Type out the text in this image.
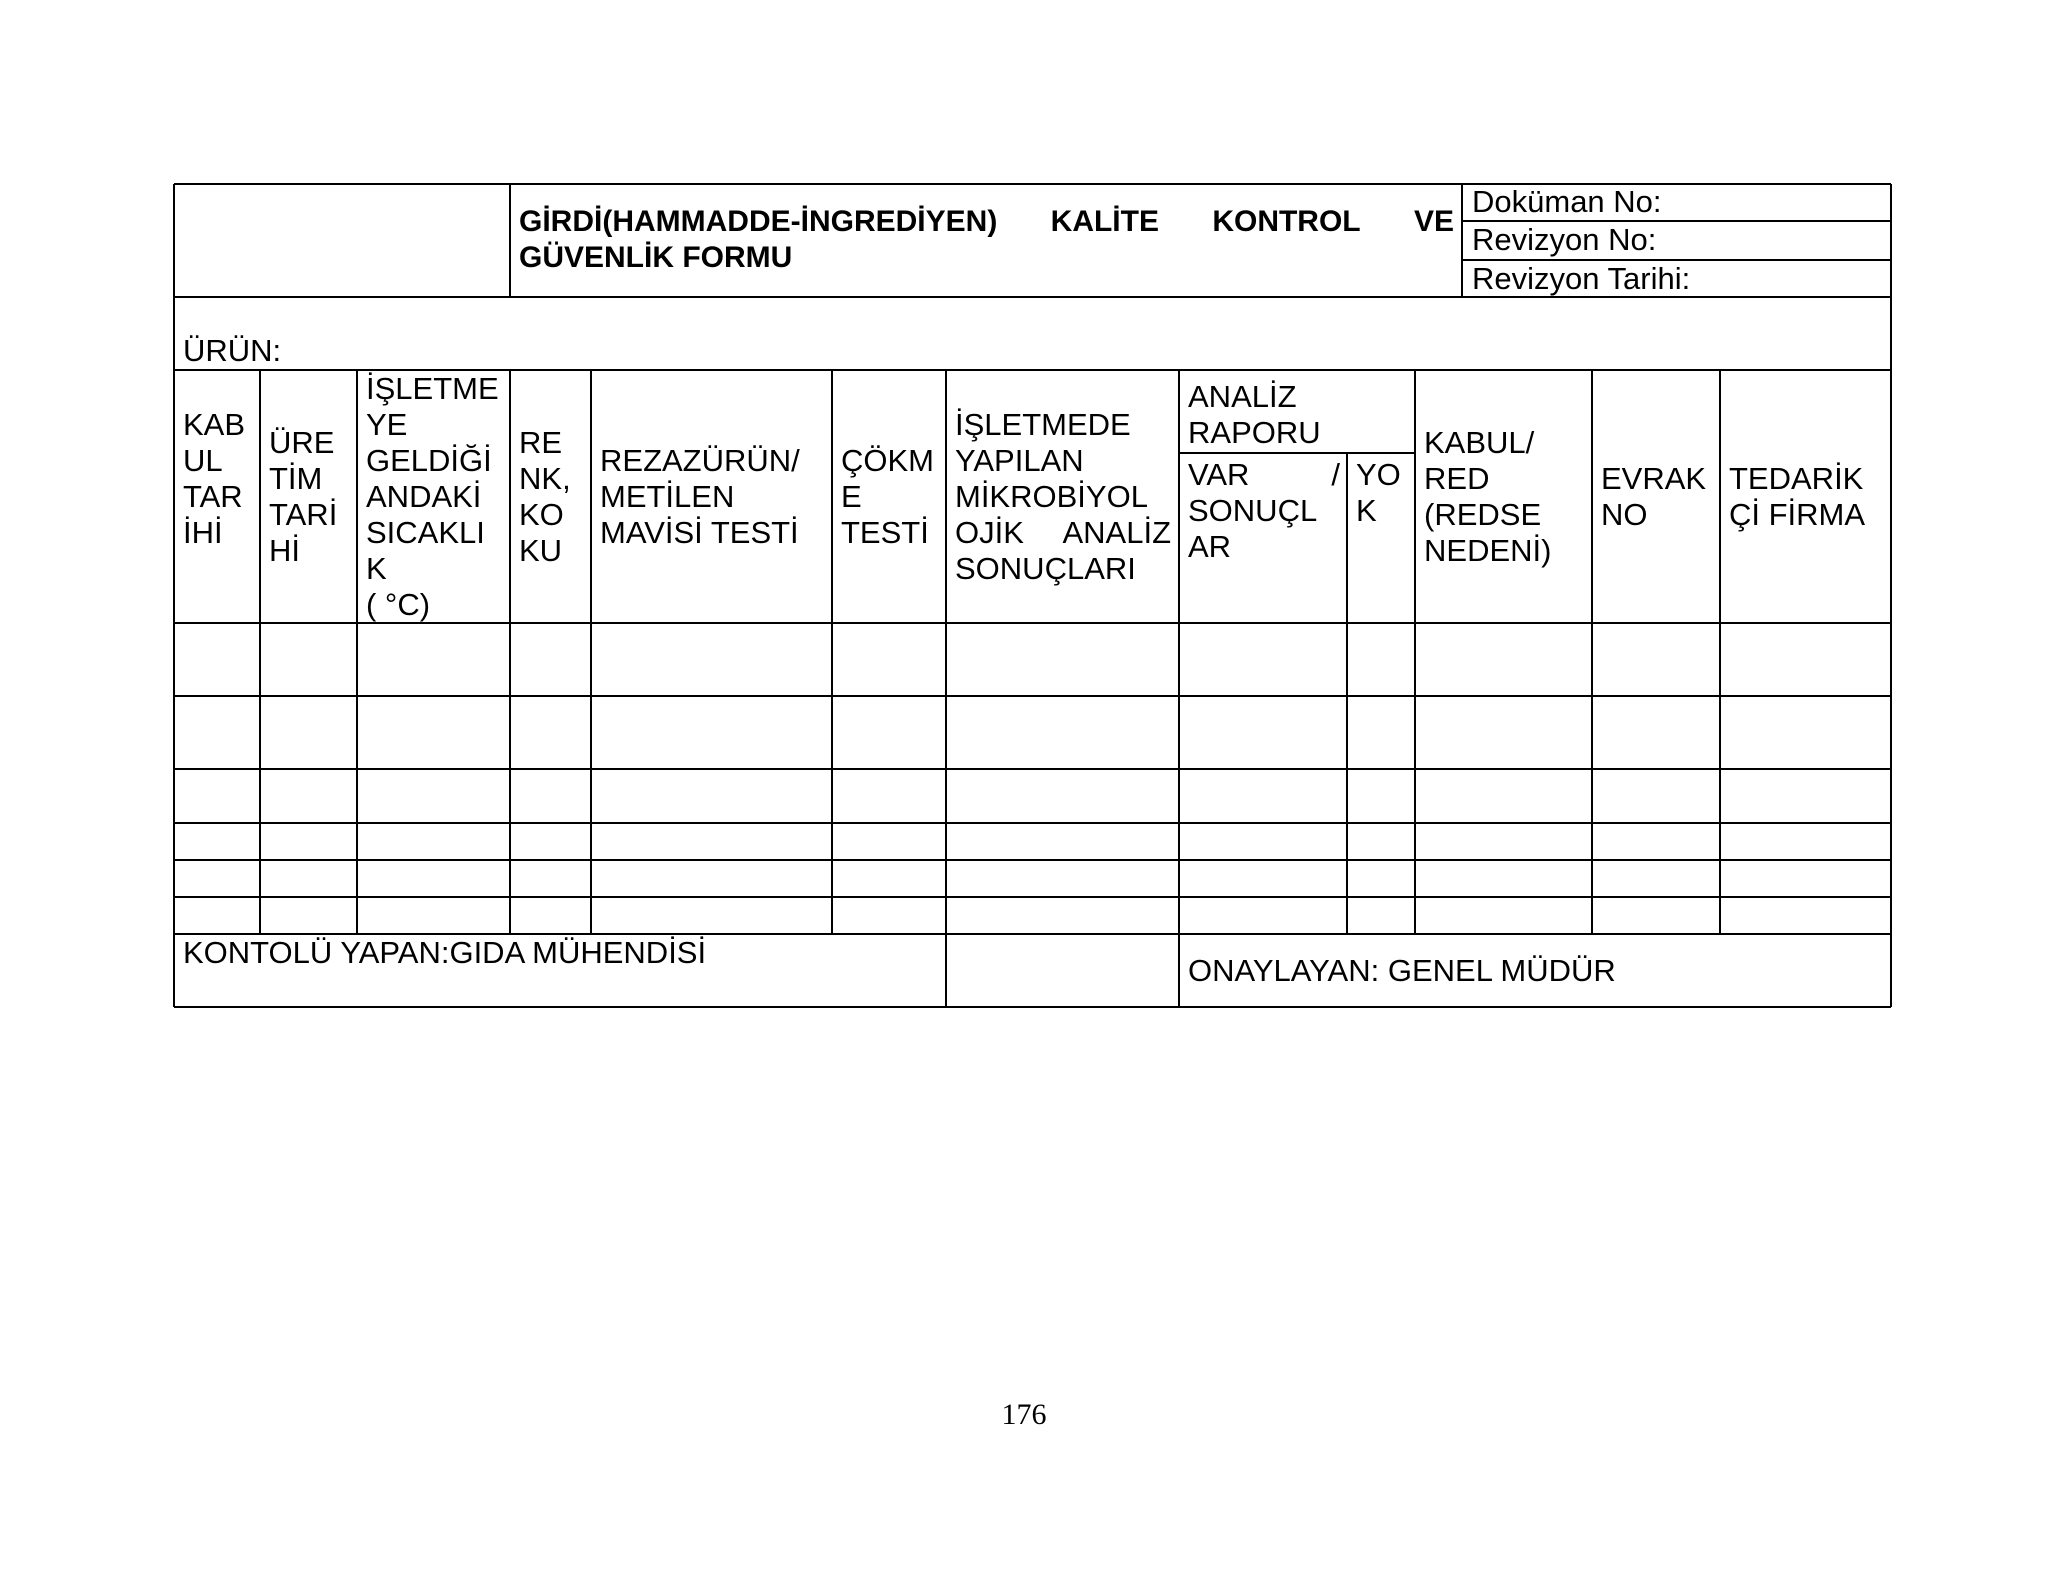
GİRDİ(HAMMADDE-İNGREDİYEN) KALİTE KONTROL VE
GÜVENLİK FORMU
Doküman No:
Revizyon No:
Revizyon Tarihi:
ÜRÜN:
KAB
UL
TAR
İHİ
ÜRE
TİM
TARİ
Hİ
İŞLETME
YE
GELDİĞİ
ANDAKİ
SICAKLI
K
( °C)
RE
NK,
KO
KU
REZAZÜRÜN/
METİLEN
MAVİSİ TESTİ
ÇÖKM
E
TESTİ
İŞLETMEDE
YAPILAN
MİKROBİYOL
OJİK ANALİZ
SONUÇLARI
ANALİZ
RAPORU
VAR	/
SONUÇL
AR
YO
K
KABUL/
RED
(REDSE
NEDENİ)
EVRAK
NO
TEDARİK
Çİ FİRMA
KONTOLÜ YAPAN:GIDA MÜHENDİSİ
ONAYLAYAN: GENEL MÜDÜR
176
